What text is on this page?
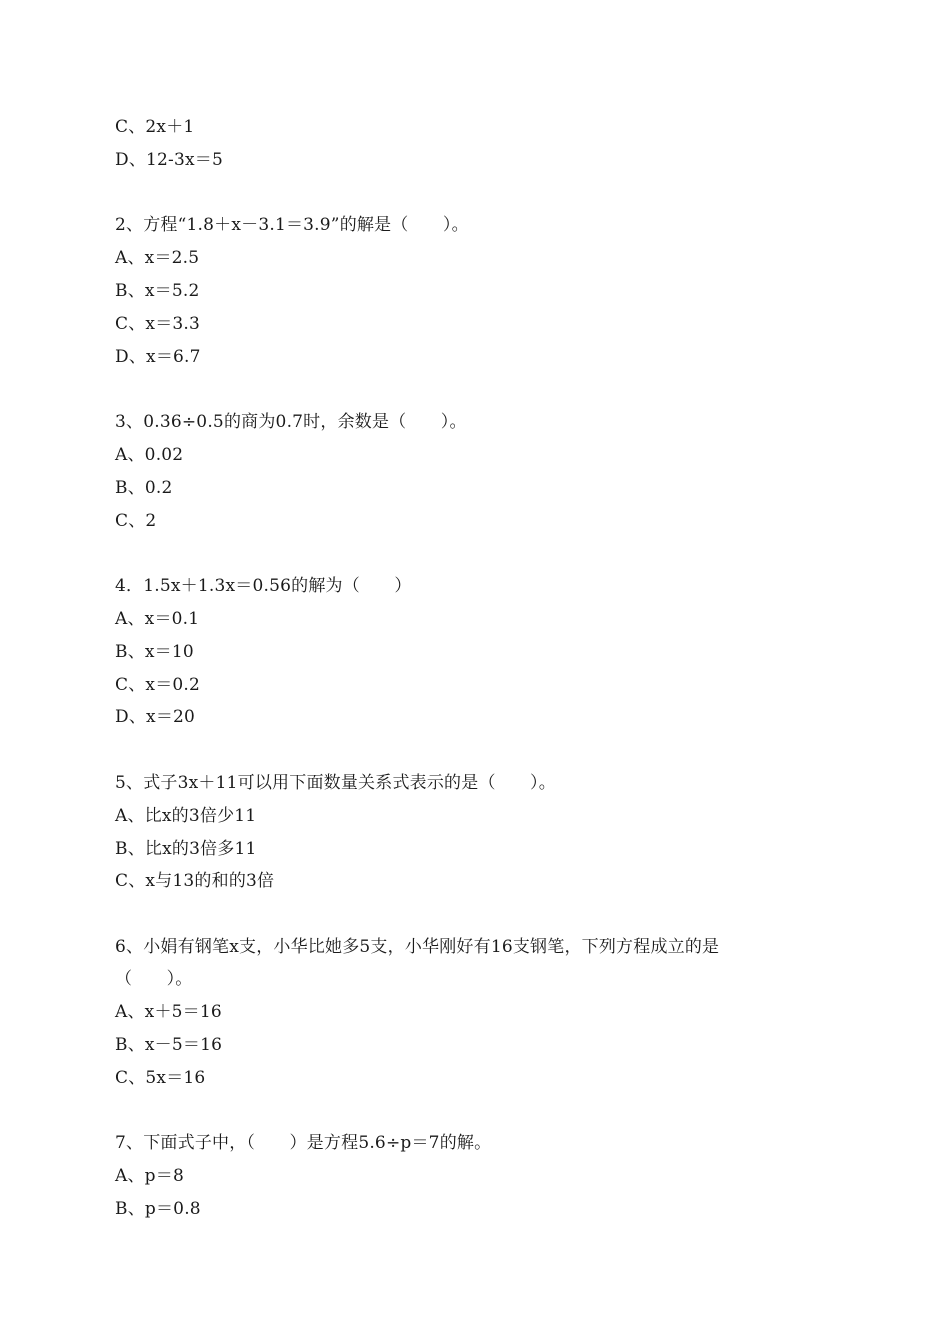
C、2x＋1
D、12-3x＝5
2、方程“1.8＋x－3.1＝3.9”的解是（　　）。
A、x＝2.5
B、x＝5.2
C、x＝3.3
D、x＝6.7
3、0.36÷0.5的商为0.7时，余数是（　　）。
A、0.02
B、0.2
C、2
4．1.5x＋1.3x＝0.56的解为（　　）
A、x＝0.1
B、x＝10
C、x＝0.2
D、x＝20
5、式子3x＋11可以用下面数量关系式表示的是（　　）。
A、比x的3倍少11
B、比x的3倍多11
C、x与13的和的3倍
6、小娟有钢笔x支，小华比她多5支，小华刚好有16支钢笔，下列方程成立的是
（　　）。
A、x＋5＝16
B、x－5＝16
C、5x＝16
7、下面式子中，（　　）是方程5.6÷p＝7的解。
A、p＝8
B、p＝0.8
